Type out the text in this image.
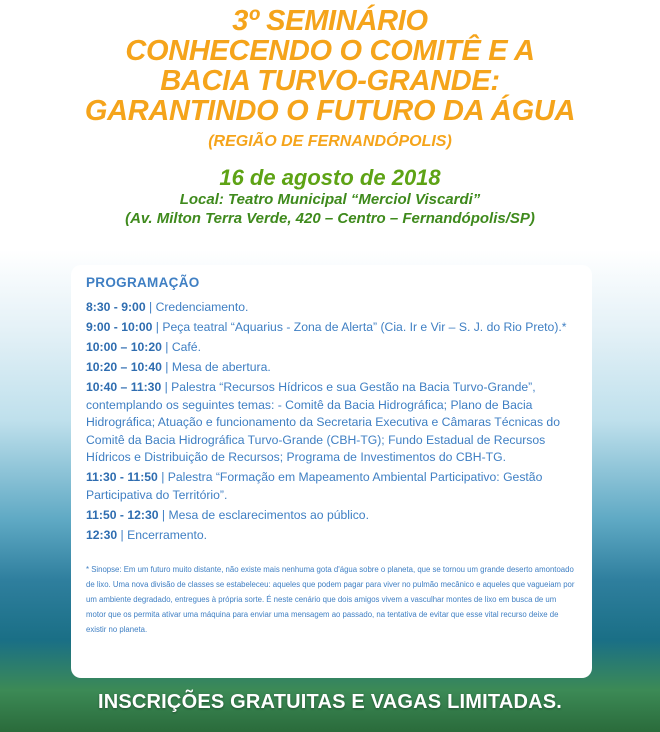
3º SEMINÁRIO

CONHECENDO O COMITÊ E A

BACIA TURVO-GRANDE:

GARANTINDO O FUTURO DA ÁGUA

(REGIÃO DE FERNANDÓPOLIS)

16 de agosto de 2018

Local: Teatro Municipal “Merciol Viscardi”

(Av. Milton Terra Verde, 420 – Centro – Fernandópolis/SP)

PROGRAMAÇÃO
8:30 - 9:00 | Credenciamento.
9:00 - 10:00 | Peça teatral “Aquarius - Zona de Alerta” (Cia. Ir e Vir – S. J. do Rio Preto).*
10:00 – 10:20 | Café.
10:20 – 10:40 | Mesa de abertura.
10:40 – 11:30 | Palestra “Recursos Hídricos e sua Gestão na Bacia Turvo-Grande”, contemplando os seguintes temas: - Comitê da Bacia Hidrográfica; Plano de Bacia Hidrográfica; Atuação e funcionamento da Secretaria Executiva e Câmaras Técnicas do Comitê da Bacia Hidrográfica Turvo-Grande (CBH-TG); Fundo Estadual de Recursos Hídricos e Distribuição de Recursos; Programa de Investimentos do CBH-TG.
11:30 - 11:50 | Palestra “Formação em Mapeamento Ambiental Participativo: Gestão Participativa do Território”.
11:50 - 12:30 | Mesa de esclarecimentos ao público.
12:30 | Encerramento.
* Sinopse: Em um futuro muito distante, não existe mais nenhuma gota d'água sobre o planeta, que se tornou um grande deserto amontoado de lixo. Uma nova divisão de classes se estabeleceu: aqueles que podem pagar para viver no pulmão mecânico e aqueles que vagueiam por um ambiente degradado, entregues à própria sorte. É neste cenário que dois amigos vivem a vasculhar montes de lixo em busca de um motor que os permita ativar uma máquina para enviar uma mensagem ao passado, na tentativa de evitar que esse vital recurso deixe de existir no planeta.
INSCRIÇÕES GRATUITAS E VAGAS LIMITADAS.
